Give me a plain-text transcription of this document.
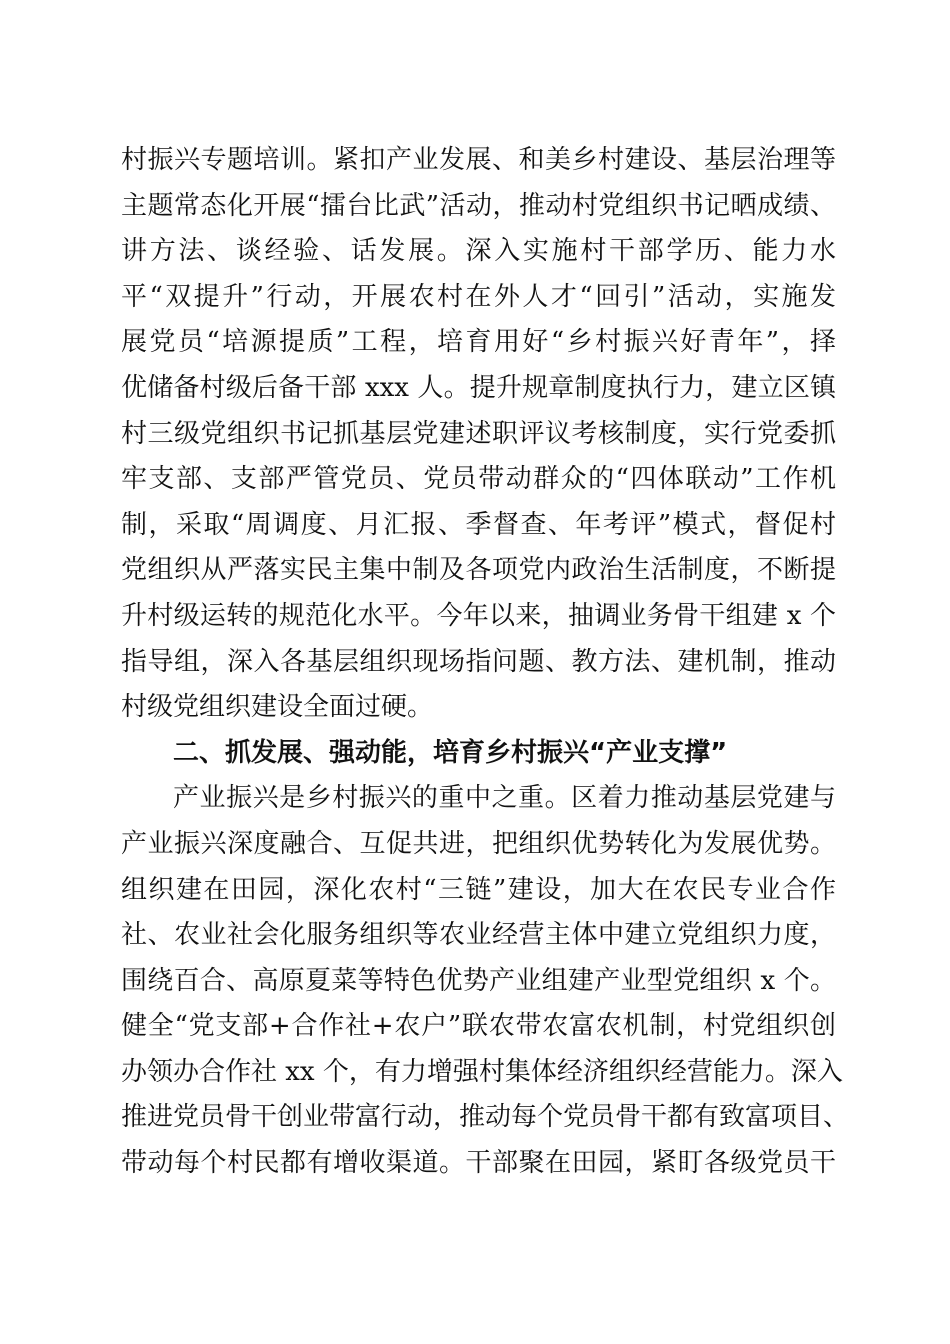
村振兴专题培训。紧扣产业发展、和美乡村建设、基层治理等
主题常态化开展“擂台比武”活动，推动村党组织书记晒成绩、
讲方法、谈经验、话发展。深入实施村干部学历、能力水
平“双提升”行动，开展农村在外人才“回引”活动，实施发
展党员“培源提质”工程，培育用好“乡村振兴好青年”，择
优储备村级后备干部 xxx 人。提升规章制度执行力，建立区镇
村三级党组织书记抓基层党建述职评议考核制度，实行党委抓
牢支部、支部严管党员、党员带动群众的“四体联动”工作机
制，采取“周调度、月汇报、季督查、年考评”模式，督促村
党组织从严落实民主集中制及各项党内政治生活制度，不断提
升村级运转的规范化水平。今年以来，抽调业务骨干组建 x 个
指导组，深入各基层组织现场指问题、教方法、建机制，推动
村级党组织建设全面过硬。
二、抓发展、强动能，培育乡村振兴“产业支撑”
产业振兴是乡村振兴的重中之重。区着力推动基层党建与
产业振兴深度融合、互促共进，把组织优势转化为发展优势。
组织建在田园，深化农村“三链”建设，加大在农民专业合作
社、农业社会化服务组织等农业经营主体中建立党组织力度，
围绕百合、高原夏菜等特色优势产业组建产业型党组织 x 个。
健全“党支部+合作社+农户”联农带农富农机制，村党组织创
办领办合作社 xx 个，有力增强村集体经济组织经营能力。深入
推进党员骨干创业带富行动，推动每个党员骨干都有致富项目、
带动每个村民都有增收渠道。干部聚在田园，紧盯各级党员干
